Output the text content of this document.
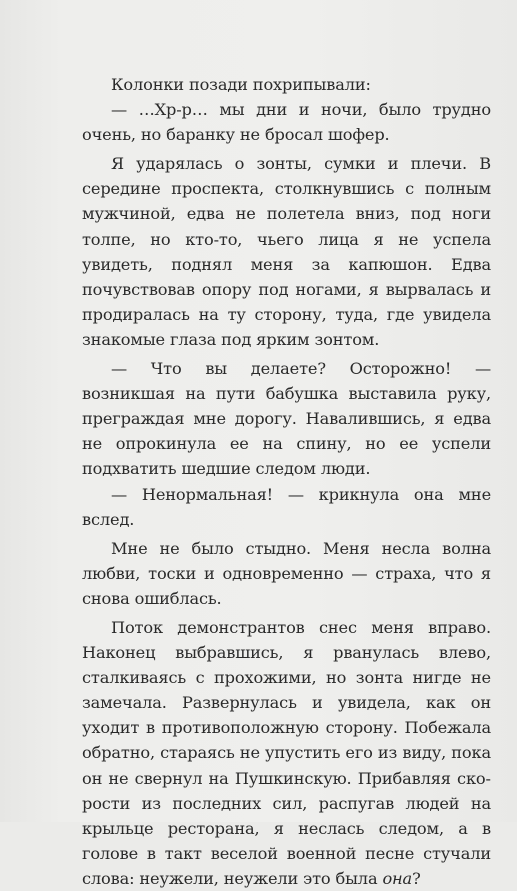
Колонки позади похрипывали:

— …Хр-р… мы дни и ночи, было трудно очень, но баранку не бросал шофер.

Я ударялась о зонты, сумки и плечи. В середине проспекта, столкнувшись с полным мужчиной, едва не полетела вниз, под ноги толпе, но кто-то, чьего лица я не успела увидеть, поднял меня за капюшон. Едва почувствовав опору под ногами, я вырвалась и продиралась на ту сторону, туда, где увидела знакомые глаза под ярким зонтом.

— Что вы делаете? Осторожно! — возникшая на пути бабушка выставила руку, преграждая мне дорогу. Навалившись, я едва не опрокинула ее на спину, но ее успели подхватить шедшие следом люди.

— Ненормальная! — крикнула она мне вслед.

Мне не было стыдно. Меня несла волна любви, тоски и одновременно — страха, что я снова ошиблась.

Поток демонстрантов снес меня вправо. Наконец выбравшись, я рванулась влево, сталкиваясь с прохожими, но зонта нигде не замечала. Развернулась и увидела, как он уходит в противоположную сторону. Побежала обратно, стараясь не упустить его из виду, пока он не свернул на Пушкинскую. Прибавляя скорости из последних сил, распугав людей на крыльце ресторана, я неслась следом, а в голове в такт веселой военной песне стучали слова: неужели, неужели это была она?
